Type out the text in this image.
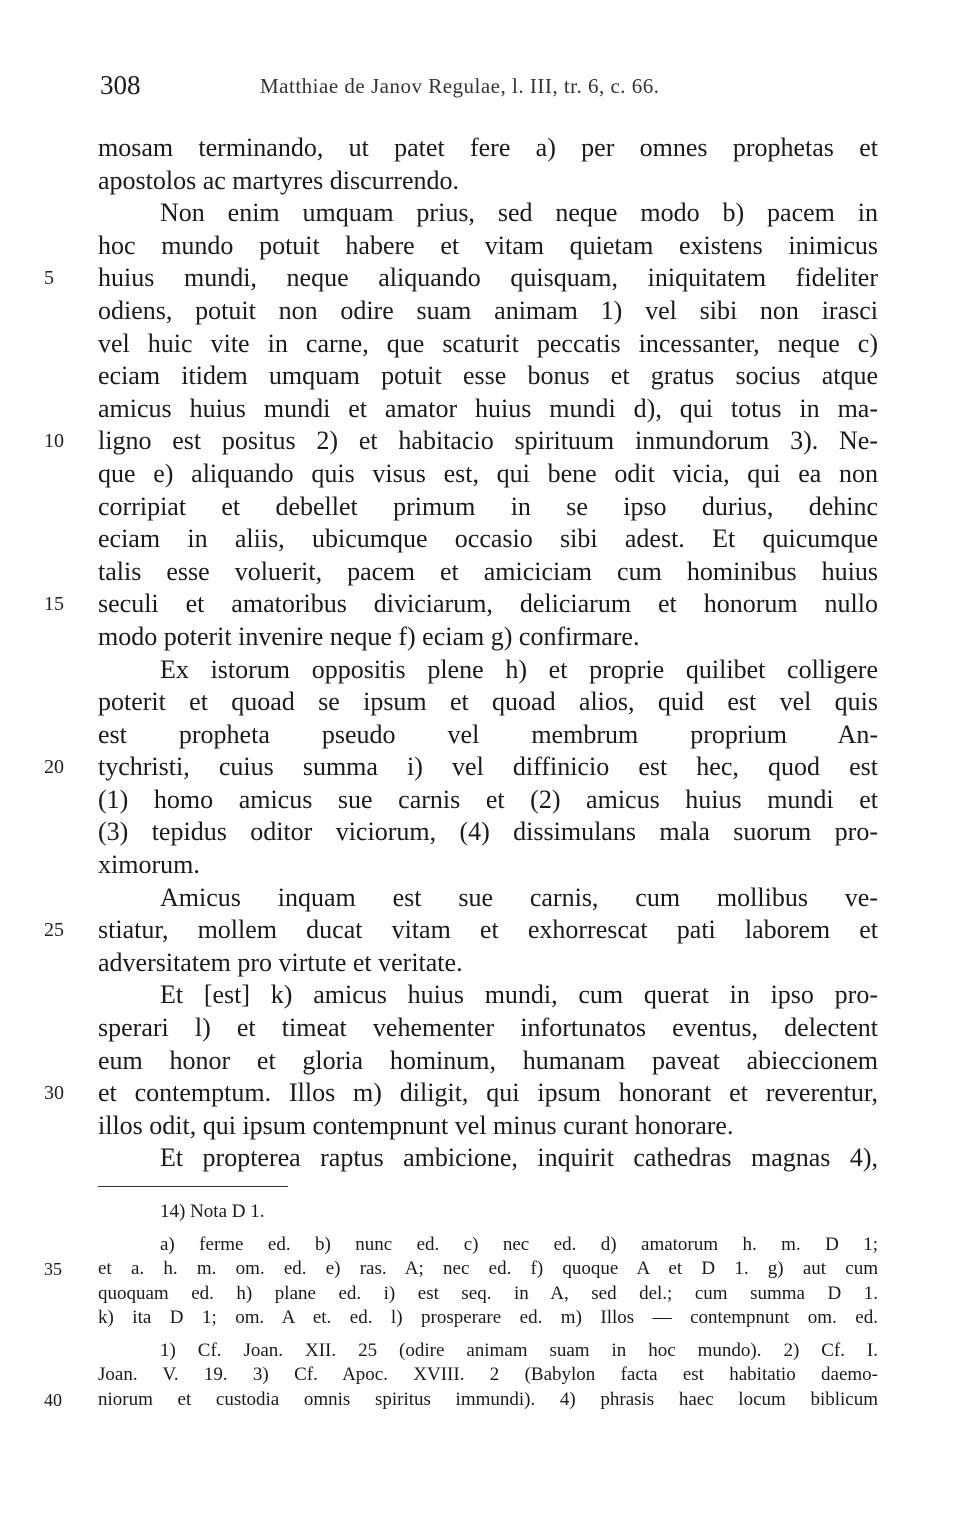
308	Matthiae de Janov Regulae, l. III, tr. 6, c. 66.
mosam terminando, ut patet fere a) per omnes prophetas et
apostolos ac martyres discurrendo.
Non enim umquam prius, sed neque modo b) pacem in
hoc mundo potuit habere et vitam quietam existens inimicus
5	huius mundi, neque aliquando quisquam, iniquitatem fideliter
odiens, potuit non odire suam animam 1) vel sibi non irasci
vel huic vite in carne, que scaturit peccatis incessanter, neque c)
eciam itidem umquam potuit esse bonus et gratus socius atque
amicus huius mundi et amator huius mundi d), qui totus in ma-
10	ligno est positus 2) et habitacio spirituum inmundorum 3). Ne-
que e) aliquando quis visus est, qui bene odit vicia, qui ea non
corripiat et debellet primum in se ipso durius, dehinc
eciam in aliis, ubicumque occasio sibi adest. Et quicumque
talis esse voluerit, pacem et amiciciam cum hominibus huius
15	seculi et amatoribus diviciarum, deliciarum et honorum nullo
modo poterit invenire neque f) eciam g) confirmare.
Ex istorum oppositis plene h) et proprie quilibet colligere
poterit et quoad se ipsum et quoad alios, quid est vel quis
est propheta pseudo vel membrum proprium An-
20	tychristi, cuius summa i) vel diffinicio est hec, quod est
(1) homo amicus sue carnis et (2) amicus huius mundi et
(3) tepidus oditor viciorum, (4) dissimulans mala suorum pro-
ximorum.
Amicus inquam est sue carnis, cum mollibus ve-
25	stiatur, mollem ducat vitam et exhorrescat pati laborem et
adversitatem pro virtute et veritate.
Et [est] k) amicus huius mundi, cum querat in ipso pro-
sperari l) et timeat vehementer infortunatos eventus, delectent
eum honor et gloria hominum, humanam paveat abieccionem
30	et contemptum. Illos m) diligit, qui ipsum honorant et reverentur,
illos odit, qui ipsum contempnunt vel minus curant honorare.
Et propterea raptus ambicione, inquirit cathedras magnas 4),
14) Nota D 1.
a) ferme ed. b) nunc ed. c) nec ed. d) amatorum h. m. D 1;
35	et a. h. m. om. ed. e) ras. A; nec ed. f) quoque A et D 1. g) aut cum
quoquam ed. h) plane ed. i) est seq. in A, sed del.; cum summa D 1.
k) ita D 1; om. A et. ed. l) prosperare ed. m) Illos — contempnunt om. ed.
1) Cf. Joan. XII. 25 (odire animam suam in hoc mundo). 2) Cf. I.
Joan. V. 19. 3) Cf. Apoc. XVIII. 2 (Babylon facta est habitatio daemo-
40	niorum et custodia omnis spiritus immundi). 4) phrasis haec locum biblicum
